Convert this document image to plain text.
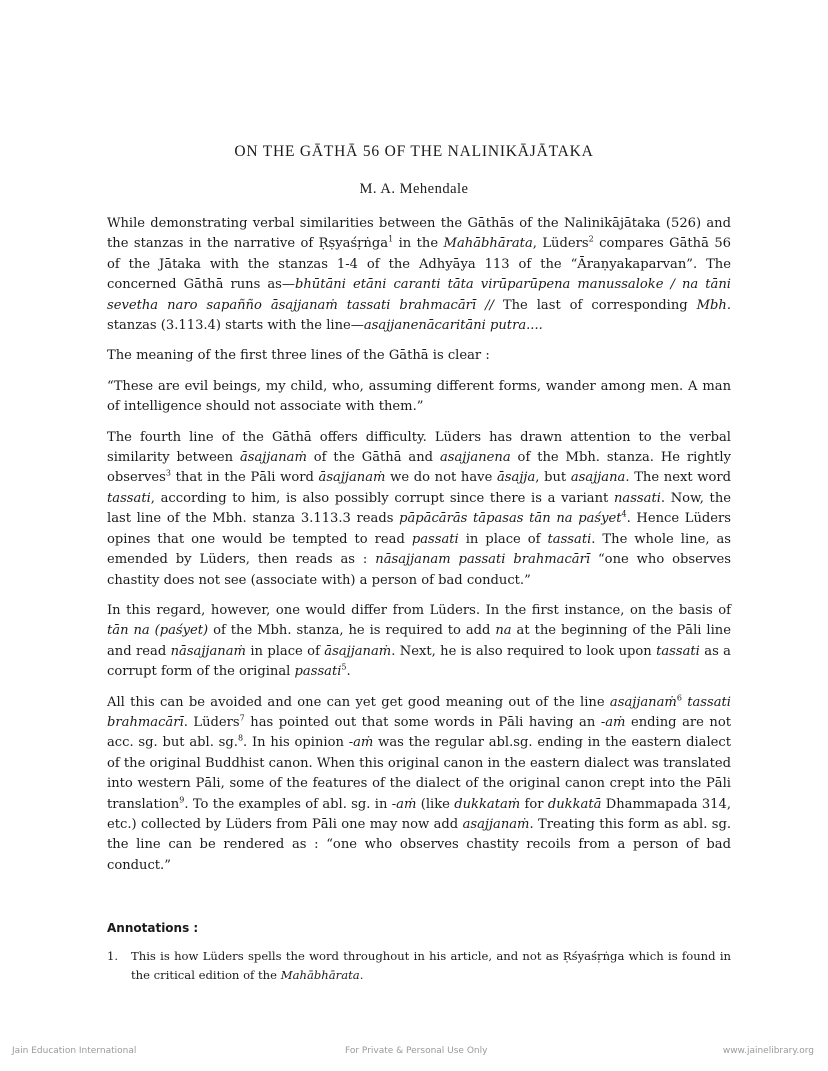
ON THE GĀTHĀ 56 OF THE NALINIKĀJĀTAKA
M. A. Mehendale

While demonstrating verbal similarities between the Gāthās of the Nalinikājātaka (526) and the stanzas in the narrative of Ṛṣyaśṛṅga$^1$ in the Mahābhārata, Lüders$^2$ compares Gāthā 56 of the Jātaka with the stanzas 1-4 of the Adhyāya 113 of the “Āraṇyakaparvan”. The concerned Gāthā runs as—bhūtāni etāni caranti tāta virūparūpena manussaloke / na tāni sevetha naro sapañño āsajjanaṁ tassati brahmacārī // The last of corresponding Mbh. stanzas (3.113.4) starts with the line—asajjanenācaritāni putra....

The meaning of the first three lines of the Gāthā is clear :

“These are evil beings, my child, who, assuming different forms, wander among men. A man of intelligence should not associate with them.”

The fourth line of the Gāthā offers difficulty. Lüders has drawn attention to the verbal similarity between āsajjanaṁ of the Gāthā and asajjanena of the Mbh. stanza. He rightly observes$^3$ that in the Pāli word āsajjanaṁ we do not have āsajja, but asajjana. The next word tassati, according to him, is also possibly corrupt since there is a variant nassati. Now, the last line of the Mbh. stanza 3.113.3 reads pāpācārās tāpasas tān na paśyet$^4$. Hence Lüders opines that one would be tempted to read passati in place of tassati. The whole line, as emended by Lüders, then reads as : nāsajjanam passati brahmacārī “one who observes chastity does not see (associate with) a person of bad conduct.”

In this regard, however, one would differ from Lüders. In the first instance, on the basis of tān na (paśyet) of the Mbh. stanza, he is required to add na at the beginning of the Pāli line and read nāsajjanaṁ in place of āsajjanaṁ. Next, he is also required to look upon tassati as a corrupt form of the original passati$^5$.

All this can be avoided and one can yet get good meaning out of the line asajjanaṁ$^6$ tassati brahmacārī. Lüders$^7$ has pointed out that some words in Pāli having an -aṁ ending are not acc. sg. but abl. sg.$^8$. In his opinion -aṁ was the regular abl.sg. ending in the eastern dialect of the original Buddhist canon. When this original canon in the eastern dialect was translated into western Pāli, some of the features of the dialect of the original canon crept into the Pāli translation$^9$. To the examples of abl. sg. in -aṁ (like dukkataṁ for dukkatā Dhammapada 314, etc.) collected by Lüders from Pāli one may now add asajjanaṁ. Treating this form as abl. sg. the line can be rendered as : “one who observes chastity recoils from a person of bad conduct.”

Annotations :
1.	This is how Lüders spells the word throughout in his article, and not as Ṛśyaśṛṅga which is found in the critical edition of the Mahābhārata.
Jain Education International	For Private & Personal Use Only	www.jainelibrary.org
